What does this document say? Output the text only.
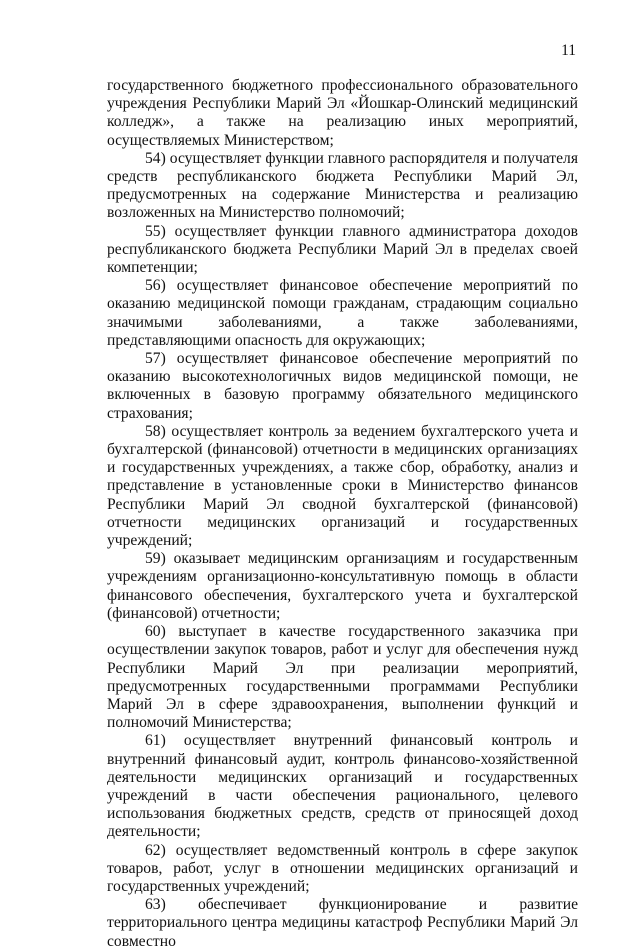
11

государственного бюджетного профессионального образовательного учреждения Республики Марий Эл «Йошкар-Олинский медицинский колледж», а также на реализацию иных мероприятий, осуществляемых Министерством;

54) осуществляет функции главного распорядителя и получателя средств республиканского бюджета Республики Марий Эл, предусмотренных на содержание Министерства и реализацию возложенных на Министерство полномочий;

55) осуществляет функции главного администратора доходов республиканского бюджета Республики Марий Эл в пределах своей компетенции;

56) осуществляет финансовое обеспечение мероприятий по оказанию медицинской помощи гражданам, страдающим социально значимыми заболеваниями, а также заболеваниями, представляющими опасность для окружающих;

57) осуществляет финансовое обеспечение мероприятий по оказанию высокотехнологичных видов медицинской помощи, не включенных в базовую программу обязательного медицинского страхования;

58) осуществляет контроль за ведением бухгалтерского учета и бухгалтерской (финансовой) отчетности в медицинских организациях и государственных учреждениях, а также сбор, обработку, анализ и представление в установленные сроки в Министерство финансов Республики Марий Эл сводной бухгалтерской (финансовой) отчетности медицинских организаций и государственных учреждений;

59) оказывает медицинским организациям и государственным учреждениям организационно-консультативную помощь в области финансового обеспечения, бухгалтерского учета и бухгалтерской (финансовой) отчетности;

60) выступает в качестве государственного заказчика при осуществлении закупок товаров, работ и услуг для обеспечения нужд Республики Марий Эл при реализации мероприятий, предусмотренных государственными программами Республики Марий Эл в сфере здравоохранения, выполнении функций и полномочий Министерства;

61) осуществляет внутренний финансовый контроль и внутренний финансовый аудит, контроль финансово-хозяйственной деятельности медицинских организаций и государственных учреждений в части обеспечения рационального, целевого использования бюджетных средств, средств от приносящей доход деятельности;

62) осуществляет ведомственный контроль в сфере закупок товаров, работ, услуг в отношении медицинских организаций и государственных учреждений;

63) обеспечивает функционирование и развитие территориального центра медицины катастроф Республики Марий Эл совместно
